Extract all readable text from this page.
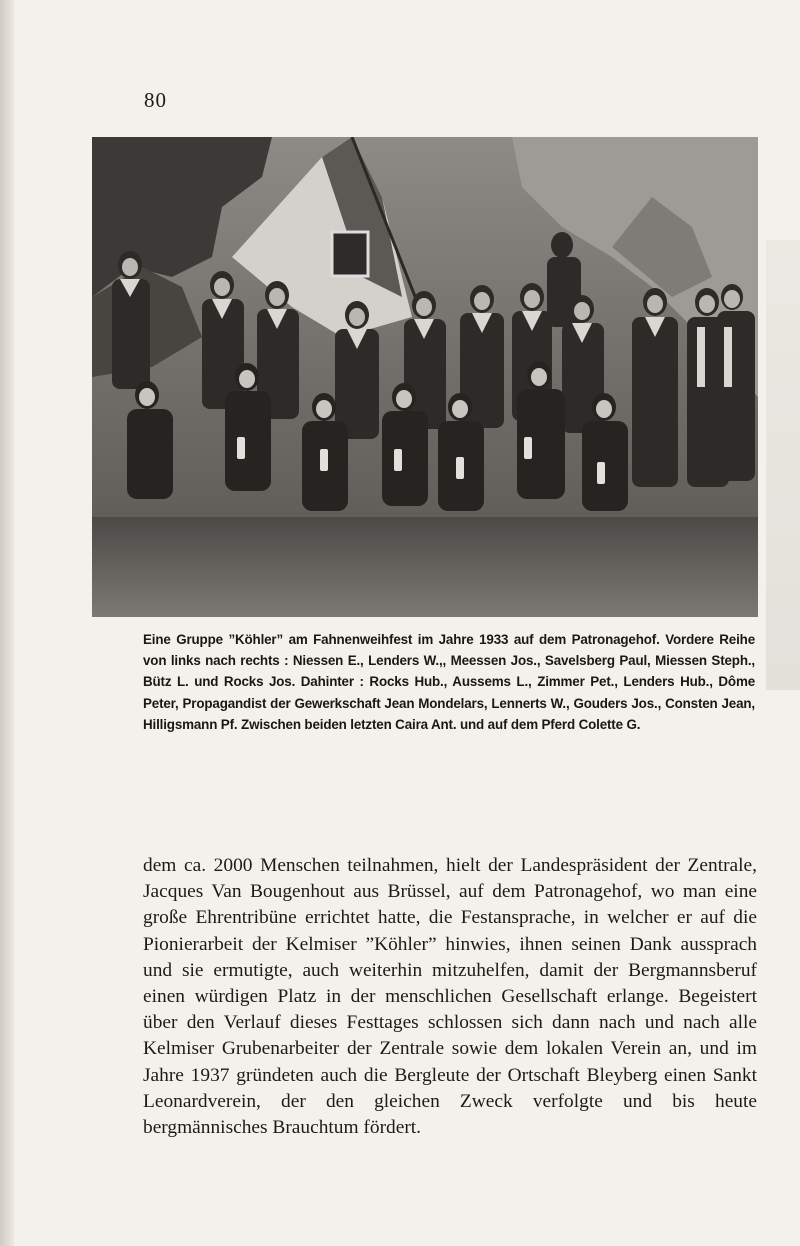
80
Eine Gruppe ”Köhler” am Fahnenweihfest im Jahre 1933 auf dem Patronagehof. Vordere Reihe von links nach rechts : Niessen E., Lenders W.,, Meessen Jos., Savelsberg Paul, Miessen Steph., Bütz L. und Rocks Jos. Dahinter : Rocks Hub., Aussems L., Zimmer Pet., Lenders Hub., Dôme Peter, Propagandist der Gewerkschaft Jean Mondelars, Lennerts W., Gouders Jos., Consten Jean, Hilligsmann Pf. Zwischen beiden letzten Caira Ant. und auf dem Pferd Colette G.
dem ca. 2000 Menschen teilnahmen, hielt der Landespräsident der Zentrale, Jacques Van Bougenhout aus Brüssel, auf dem Patronagehof, wo man eine große Ehrentribüne errichtet hatte, die Festansprache, in welcher er auf die Pionierarbeit der Kelmiser ”Köhler” hinwies, ihnen seinen Dank aussprach und sie ermutigte, auch weiterhin mitzuhelfen, damit der Bergmannsberuf einen würdigen Platz in der menschlichen Gesellschaft erlange. Begeistert über den Verlauf dieses Festtages schlossen sich dann nach und nach alle Kelmiser Grubenarbeiter der Zentrale sowie dem lokalen Verein an, und im Jahre 1937 gründeten auch die Bergleute der Ortschaft Bleyberg einen Sankt Leonardverein, der den gleichen Zweck verfolgte und bis heute bergmännisches Brauchtum fördert.
